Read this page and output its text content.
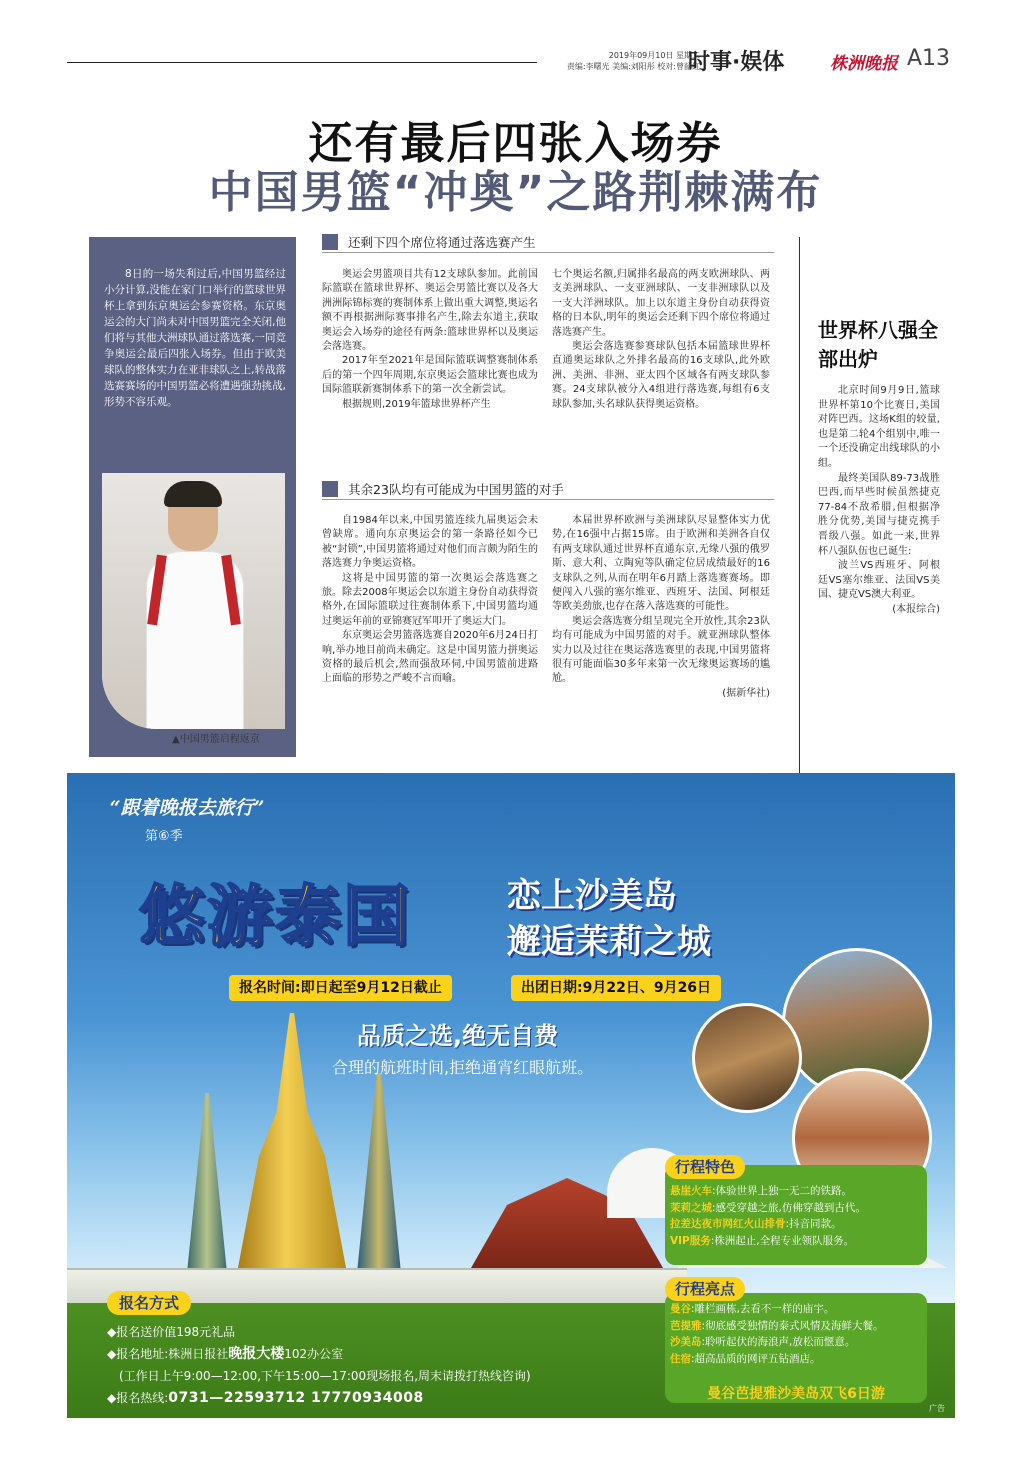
2019年09月10日 星期二
责编:李曙光 美编:刘阳彤 校对:曾韶红
时事·娱体	株洲晚报 A13
还有最后四张入场券
中国男篮“冲奥”之路荆棘满布
8日的一场失利过后,中国男篮经过小分计算,没能在家门口举行的篮球世界杯上拿到东京奥运会参赛资格。东京奥运会的大门尚未对中国男篮完全关闭,他们将与其他大洲球队通过落选赛,一同竞争奥运会最后四张入场券。但由于欧美球队的整体实力在亚非球队之上,转战落选赛赛场的中国男篮必将遭遇强劲挑战,形势不容乐观。
▲中国男篮启程返京
还剩下四个席位将通过落选赛产生

奥运会男篮项目共有12支球队参加。此前国际篮联在篮球世界杯、奥运会男篮比赛以及各大洲洲际锦标赛的赛制体系上做出重大调整,奥运名额不再根据洲际赛事排名产生,除去东道主,获取奥运会入场券的途径有两条:篮球世界杯以及奥运会落选赛。

2017年至2021年是国际篮联调整赛制体系后的第一个四年周期,东京奥运会篮球比赛也成为国际篮联新赛制体系下的第一次全新尝试。

根据规则,2019年篮球世界杯产生

七个奥运名额,归属排名最高的两支欧洲球队、两支美洲球队、一支亚洲球队、一支非洲球队以及一支大洋洲球队。加上以东道主身份自动获得资格的日本队,明年的奥运会还剩下四个席位将通过落选赛产生。

奥运会落选赛参赛球队包括本届篮球世界杯直通奥运球队之外排名最高的16支球队,此外欧洲、美洲、非洲、亚太四个区域各有两支球队参赛。24支球队被分入4组进行落选赛,每组有6支球队参加,头名球队获得奥运资格。

其余23队均有可能成为中国男篮的对手

自1984年以来,中国男篮连续九届奥运会未曾缺席。通向东京奥运会的第一条路径如今已被“封锁”,中国男篮将通过对他们而言颇为陌生的落选赛力争奥运资格。

这将是中国男篮的第一次奥运会落选赛之旅。除去2008年奥运会以东道主身份自动获得资格外,在国际篮联过往赛制体系下,中国男篮均通过奥运年前的亚锦赛冠军叩开了奥运大门。

东京奥运会男篮落选赛自2020年6月24日打响,举办地目前尚未确定。这是中国男篮力拼奥运资格的最后机会,然而强敌环伺,中国男篮前进路上面临的形势之严峻不言而喻。

本届世界杯欧洲与美洲球队尽显整体实力优势,在16强中占据15席。由于欧洲和美洲各自仅有两支球队通过世界杯直通东京,无缘八强的俄罗斯、意大利、立陶宛等队确定位居成绩最好的16支球队之列,从而在明年6月踏上落选赛赛场。即便闯入八强的塞尔维亚、西班牙、法国、阿根廷等欧美劲旅,也存在落入落选赛的可能性。

奥运会落选赛分组呈现完全开放性,其余23队均有可能成为中国男篮的对手。就亚洲球队整体实力以及过往在奥运落选赛里的表现,中国男篮将很有可能面临30多年来第一次无缘奥运赛场的尴尬。

(据新华社)

世界杯八强全部出炉

北京时间9月9日,篮球世界杯第10个比赛日,美国对阵巴西。这场K组的较量,也是第二轮4个组别中,唯一一个还没确定出线球队的小组。

最终美国队89-73战胜巴西,而早些时候虽然捷克77-84不敌希腊,但根据净胜分优势,美国与捷克携手晋级八强。如此一来,世界杯八强队伍也已诞生:

波兰VS西班牙、阿根廷VS塞尔维亚、法国VS美国、捷克VS澳大利亚。

(本报综合)

“跟着晚报去旅行”
第⑥季
悠游泰国	恋上沙美岛
邂逅茉莉之城
报名时间:即日起至9月12日截止	出团日期:9月22日、9月26日
品质之选,绝无自费
合理的航班时间,拒绝通宵红眼航班。
行程特色
悬崖火车:体验世界上独一无二的铁路。
茉莉之城:感受穿越之旅,仿佛穿越到古代。
拉差达夜市网红火山排骨:抖音同款。
VIP服务:株洲起止,全程专业领队服务。
行程亮点
曼谷:雕栏画栋,去看不一样的庙宇。
芭提雅:彻底感受独情的泰式风情及海鲜大餐。
沙美岛:聆听起伏的海浪声,放松而惬意。
住宿:超高品质的网评五钻酒店。
曼谷芭提雅沙美岛双飞6日游
报名方式
◆报名送价值198元礼品
◆报名地址:株洲日报社晚报大楼102办公室
(工作日上午9:00—12:00,下午15:00—17:00现场报名,周末请拨打热线咨询)
◆报名热线:0731—22593712 17770934008
广告
